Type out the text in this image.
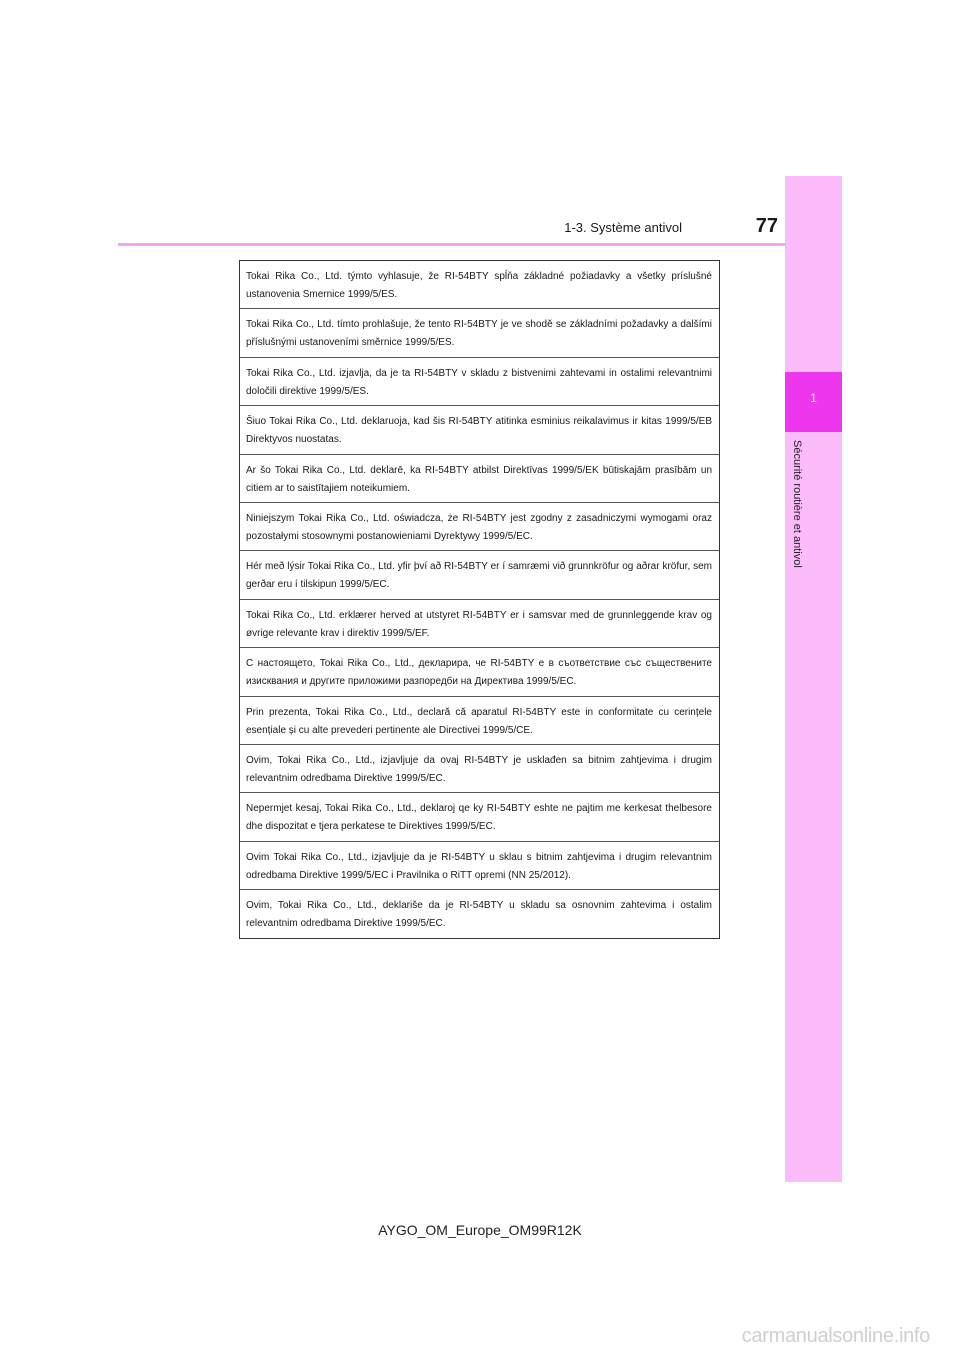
1
Sécurité routière et antivol
77
1-3. Système antivol
Tokai Rika Co., Ltd. týmto vyhlasuje, že RI-54BTY spĺňa základné požiadavky a všetky príslušné ustanovenia Smernice 1999/5/ES.
Tokai Rika Co., Ltd. tímto prohlašuje, že tento RI-54BTY je ve shodě se základními požadavky a dalšími příslušnými ustanoveními směrnice 1999/5/ES.
Tokai Rika Co., Ltd. izjavlja, da je ta RI-54BTY v skladu z bistvenimi zahtevami in ostalimi relevantnimi določili direktive 1999/5/ES.
Šiuo Tokai Rika Co., Ltd. deklaruoja, kad šis RI-54BTY atitinka esminius reikalavimus ir kitas 1999/5/EB Direktyvos nuostatas.
Ar šo Tokai Rika Co., Ltd. deklarē, ka RI-54BTY atbilst Direktīvas 1999/5/EK būtiskajām prasībām un citiem ar to saistītajiem noteikumiem.
Niniejszym Tokai Rika Co., Ltd. oświadcza, że RI-54BTY jest zgodny z zasadniczymi wymogami oraz pozostałymi stosownymi postanowieniami Dyrektywy 1999/5/EC.
Hér með lýsir Tokai Rika Co., Ltd. yfir því að RI-54BTY er í samræmi við grunnkröfur og aðrar kröfur, sem gerðar eru í tilskipun 1999/5/EC.
Tokai Rika Co., Ltd. erklærer herved at utstyret RI-54BTY er i samsvar med de grunnleggende krav og øvrige relevante krav i direktiv 1999/5/EF.
С настоящето, Tokai Rika Co., Ltd., декларира, че RI-54BTY е в съответствие със съществените изисквания и другите приложими разпоредби на Директива 1999/5/EC.
Prin prezenta, Tokai Rika Co., Ltd., declară că aparatul RI-54BTY este in conformitate cu cerințele esențiale și cu alte prevederi pertinente ale Directivei 1999/5/CE.
Ovim, Tokai Rika Co., Ltd., izjavljuje da ovaj RI-54BTY je usklađen sa bitnim zahtjevima i drugim relevantnim odredbama Direktive 1999/5/EC.
Nepermjet kesaj, Tokai Rika Co., Ltd., deklaroj qe ky RI-54BTY eshte ne pajtim me kerkesat thelbesore dhe dispozitat e tjera perkatese te Direktives 1999/5/EC.
Ovim Tokai Rika Co., Ltd., izjavljuje da je RI-54BTY u sklau s bitnim zahtjevima i drugim relevantnim odredbama Direktive 1999/5/EC i Pravilnika o RiTT opremi (NN 25/2012).
Ovim, Tokai Rika Co., Ltd., deklariše da je RI-54BTY u skladu sa osnovnim zahtevima i ostalim relevantnim odredbama Direktive 1999/5/EC.
AYGO_OM_Europe_OM99R12K
carmanualsonline.info
